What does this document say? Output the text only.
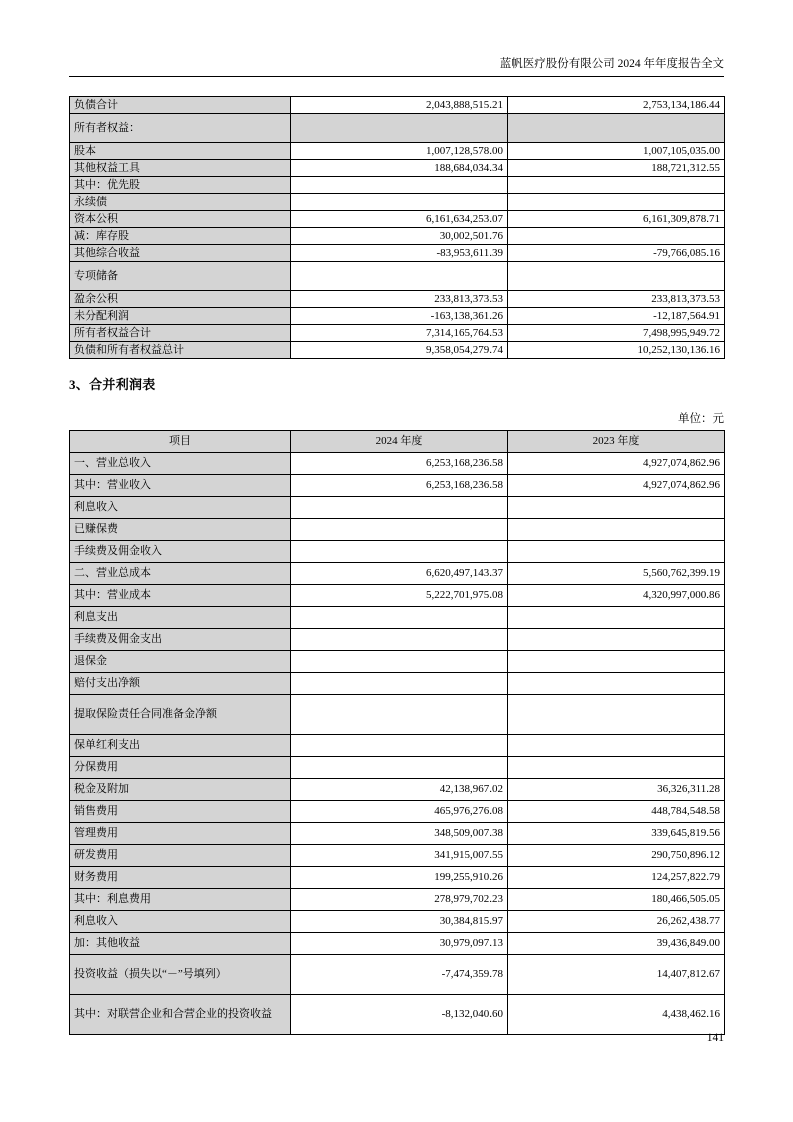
蓝帆医疗股份有限公司 2024 年年度报告全文
负债合计	2,043,888,515.21	2,753,134,186.44
所有者权益：		
股本	1,007,128,578.00	1,007,105,035.00
其他权益工具	188,684,034.34	188,721,312.55
其中：优先股		
永续债		
资本公积	6,161,634,253.07	6,161,309,878.71
减：库存股	30,002,501.76	
其他综合收益	-83,953,611.39	-79,766,085.16
专项储备		
盈余公积	233,813,373.53	233,813,373.53
未分配利润	-163,138,361.26	-12,187,564.91
所有者权益合计	7,314,165,764.53	7,498,995,949.72
负债和所有者权益总计	9,358,054,279.74	10,252,130,136.16
3、合并利润表
单位：元
项目	2024 年度	2023 年度
一、营业总收入	6,253,168,236.58	4,927,074,862.96
其中：营业收入	6,253,168,236.58	4,927,074,862.96
利息收入		
已赚保费		
手续费及佣金收入		
二、营业总成本	6,620,497,143.37	5,560,762,399.19
其中：营业成本	5,222,701,975.08	4,320,997,000.86
利息支出		
手续费及佣金支出		
退保金		
赔付支出净额		
提取保险责任合同准备金净额		
保单红利支出		
分保费用		
税金及附加	42,138,967.02	36,326,311.28
销售费用	465,976,276.08	448,784,548.58
管理费用	348,509,007.38	339,645,819.56
研发费用	341,915,007.55	290,750,896.12
财务费用	199,255,910.26	124,257,822.79
其中：利息费用	278,979,702.23	180,466,505.05
利息收入	30,384,815.97	26,262,438.77
加：其他收益	30,979,097.13	39,436,849.00
投资收益（损失以“－”号填列）	-7,474,359.78	14,407,812.67
其中：对联营企业和合营企业的投资收益	-8,132,040.60	4,438,462.16
141
